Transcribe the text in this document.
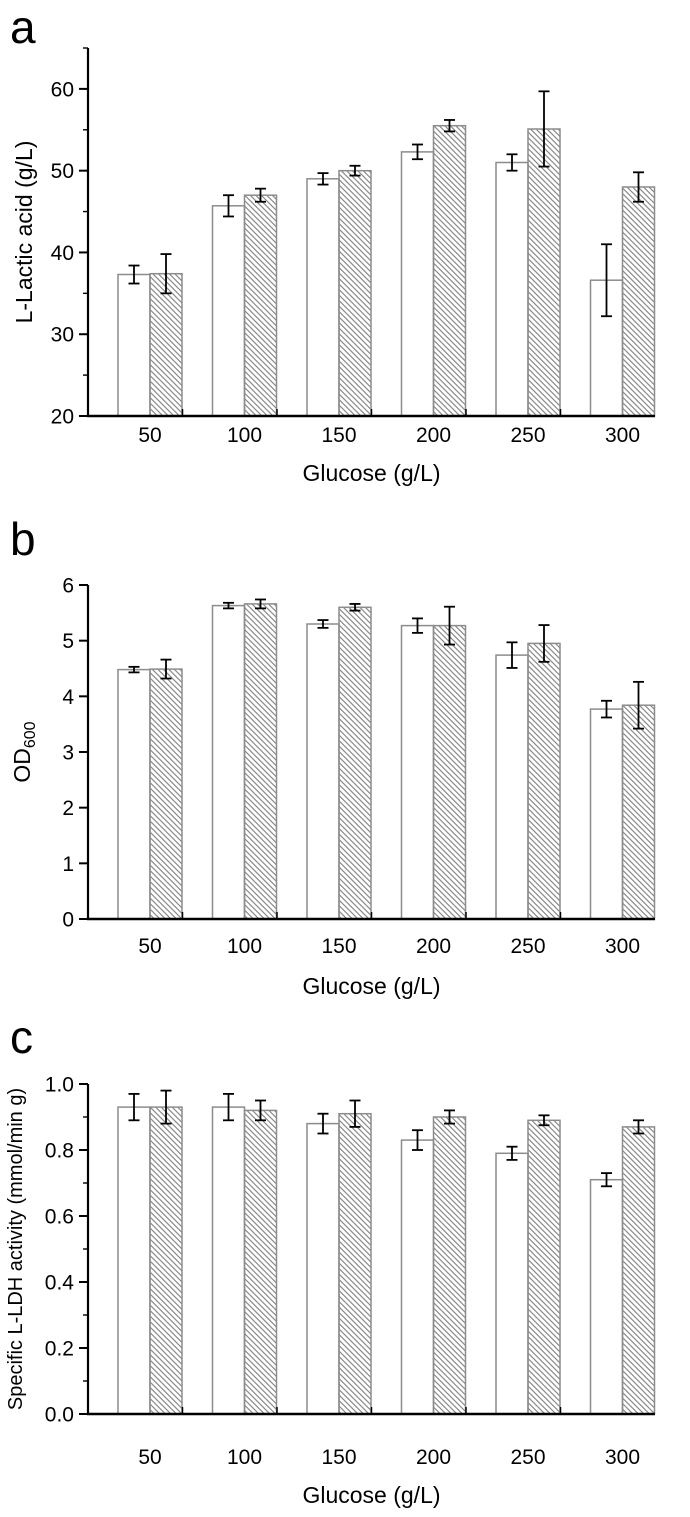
a
20
30
40
50
60
50	100	150	200	250	300
Glucose (g/L)
L-Lactic acid (g/L)
b
0
1
2
3
4
5
6
50	100	150	200	250	300
Glucose (g/L)
$OD_{600}$
c
0.0
0.2
0.4
0.6
0.8
1.0
50	100	150	200	250	300
Glucose (g/L)
Specific L-LDH activity (mmol/min g)
